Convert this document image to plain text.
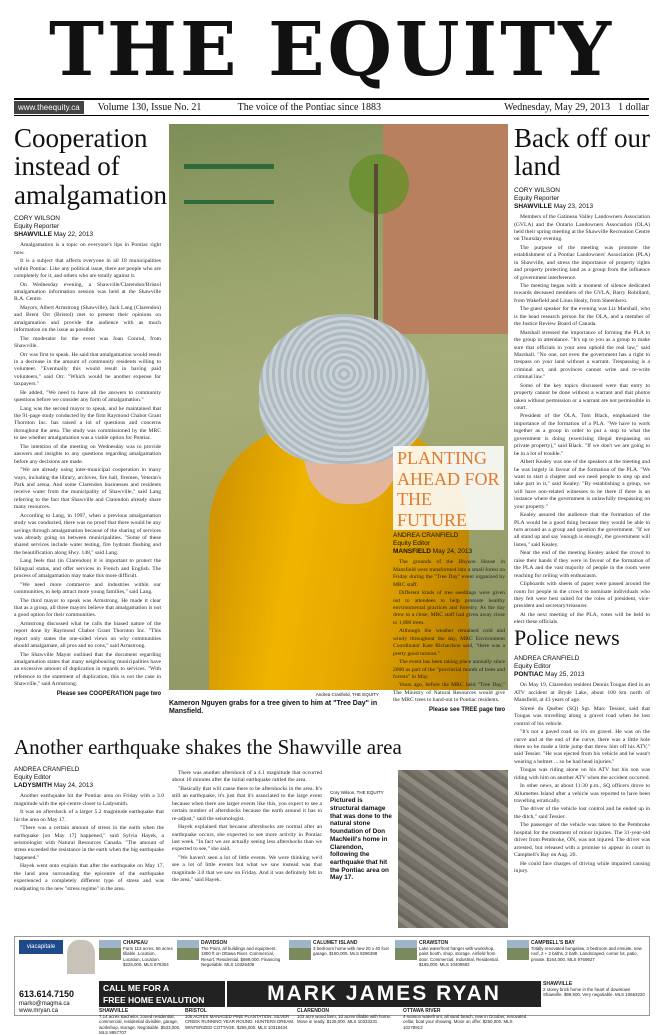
THE EQUITY
www.theequity.ca	Volume 130, Issue No. 21	The voice of the Pontiac since 1883	Wednesday, May 29, 2013 1 dollar
Cooperation instead of amalgamation
CORY WILSON
Equity Reporter
SHAWVILLE May 22, 2013

Amalgamation is a topic on everyone's lips in Pontiac right now.

It is a subject that affects everyone in all 18 municipalities within Pontiac. Like any political issue, there are people who are completely for it, and others who are totally against it.

On Wednesday evening, a Shawville/Clarendon/Bristol amalgamation information session was held at the Shawville R.A. Centre.

Mayors, Albert Armstrong (Shawville), Jack Lang (Clarendon) and Brent Orr (Bristol) met to present their opinions on amalgamation and provide the audience with as much information on the issue as possible.

The moderator for the event was Joan Conrod, from Shawville.

Orr was first to speak. He said that amalgamation would result in a decrease in the amount of community residents willing to volunteer. "Eventually this would result in having paid volunteers," said Orr. "Which would be another expense for taxpayers."

He added, "We need to have all the answers to community questions before we consider any form of amalgamation."

Lang was the second mayor to speak, and he maintained that the 91-page study conducted by the firm Raymond Chabot Grant Thornton Inc. has raised a lot of questions and concerns throughout the area. The study was commissioned by the MRC to see whether amalgamation was a viable option for Pontiac.

The intention of the meeting on Wednesday was to provide answers and insights to any questions regarding amalgamation before any decisions are made.

"We are already using inter-municipal cooperation in many ways, including the library, archives, fire hall, firemen, Veteran's Park and arena. And some Clarendon businesses and residents receive water from the municipality of Shawville," said Lang referring to the fact that Shawville and Clarendon already share many resources.

According to Lang, in 1997, when a previous amalgamation study was conducted, there was no proof that there would be any savings through amalgamation because of the sharing of services was already going on between municipalities. "Some of these shared services include water testing, fire hydrant flushing and the beautification along Hwy. 148," said Lang.

Lang feels that (in Clarendon) it is important to protect the bilingual status, and offer services in French and English. The process of amalgamation may make this more difficult.

"We need more commerce and industries within our communities, to help attract more young families," said Lang.

The third mayor to speak was Armstrong. He made it clear that as a group, all three mayors believe that amalgamation is not a good option for their communities.

Armstrong discussed what he calls the biased nature of the report done by Raymond Chabot Grant Thornton Inc. "This report only states the one-sided views on why communities should amalgamate, all pros and no cons," said Armstrong.

The Shawville Mayor outlined that the document regarding amalgamation states that many neighbouring municipalities have an excessive amount of duplication in regards to services. "With reference to the statement of duplication, this is not the case in Shawville," said Armstrong.

Please see COOPERATION page two
PLANTING AHEAD FOR THE FUTURE
Andrea Cranfield, THE EQUITY
Kameron Nguyen grabs for a tree given to him at "Tree Day" in Mansfield.
ANDREA CRANFIELD
Equity Editor
MANSFIELD May 24, 2013

The grounds of the Rhyson House in Mansfield were transformed into a small forest on Friday during the "Tree Day" event organized by MRC staff.

Different kinds of tree seedlings were given out to attendees to help promote healthy environmental practices and forestry. As the day drew to a close, MRC staff had given away close to 1,800 trees.

Although the weather remained cold and windy throughout the day, MRC Environment Coordinator Kate Richardson said, "there was a pretty good turnout."

The event has been taking place annually since 2000 as part of the "provincial month of trees and forests" in May.

Years ago, before the MRC held "Tree Day," The Ministry of Natural Resources would give the MRC trees to hand-out to Pontiac residents.

Please see TREE page two
Back off our land
CORY WILSON
Equity Reporter
SHAWVILLE May 23, 2013

Members of the Gatineau Valley Landowners Association (GVLA) and the Ontario Landowners Association (OLA) held their spring meeting at the Shawville Recreation Centre on Thursday evening.

The purpose of the meeting was promote the establishment of a Pontiac Landowners' Association (PLA) in Shawville, and stress the importance of property rights and property protecting land as a group from the influence of government interference.

The meeting began with a moment of silence dedicated towards deceased members of the GVLA, Barry Robillard, from Wakefield and Linus Healy, from Sheenboro.

The guest speaker for the evening was Liz Marshall, who is the head research person for the OLA, and a member of the Justice Review Board of Canada.

Marshall stressed the importance of forming the PLA to the group in attendance. "It's up to you as a group to make sure that officials in your area uphold the real law," said Marshall. "No one, not even the government has a right to trespass on your land without a warrant. Trespassing is a criminal act, and provinces cannot write and re-write criminal law."

Some of the key topics discussed were that entry to property cannot be done without a warrant and that photos taken without permission or a warrant are not permissible in court.

President of the OLA, Tom Black, emphasized the importance of the formation of a PLA. "We have to work together as a group in order to put a stop to what the government is doing (exercising illegal trespassing on private property)," said Black. "If we don't we are going to be in a lot of trouble."

Albert Kealey was one of the speakers at the meeting and he was largely in favour of the formation of the PLA. "We want to start a chapter and we need people to step up and take part in it," said Kealey. "By establishing a group, we will have non-related witnesses to be there if there is an instance where the government is unlawfully trespassing on your property."

Kealey assured the audience that the formation of the PLA would be a good thing because they would be able to turn around as a group and question the government. "If we all stand up and say 'enough is enough', the government will listen," said Kealey.

Near the end of the meeting Kealey asked the crowd to raise their hands if they were in favour of the formation of the PLA and the vast majority of people in the room were reaching for ceiling with enthusiasm.

Clipboards with sheets of paper were passed around the room for people in the crowd to nominate individuals who they felt were best suited for the roles of president, vice-president and secretary/treasurer.

At the next meeting of the PLA, votes will be held to elect these officials.

Police news
ANDREA CRANFIELD
Equity Editor
PONTIAC May 25, 2013

On May 19, Clarendon resident Dennis Tougas died in an ATV accident at Bryde Lake, about 100 km north of Mansfield, at 43 years of age.

Sûreté du Québec (SQ) Sgt. Marc Tessier, said that Tougas was travelling along a gravel road when he lost control of his vehicle.

"It's not a paved road so it's on gravel. He was on the curve and at the end of the curve, there was a little hole there so he made a little jump that threw him off his ATV," said Tessier. "He was ejected from his vehicle and he wasn't wearing a helmet ... so he had head injuries."

Tougas was riding alone on his ATV but his son was riding with him on another ATV when the accident occurred.

In other news, at about 11:30 p.m., SQ officers drove to Allumettes Island after a vehicle was reported to have been travelling erratically.

The driver of the vehicle lost control and he ended up in the ditch," said Tessier.

The passenger of the vehicle was taken to the Pembroke hospital for the treatment of minor injuries. The 31-year-old driver from Pembroke, ON, was not injured. The driver was arrested, but released with a promise to appear in court in Campbell's Bay on Aug. 20.

He could face charges of driving while impaired causing injury.

Another earthquake shakes the Shawville area
ANDREA CRANFIELD
Equity Editor
LADYSMITH May 24, 2013

Another earthquake hit the Pontiac area on Friday with a 3.0 magnitude with the epi-centre closer to Ladysmith.

It was an aftershock of a larger 5.2 magnitude earthquake that hit the area on May 17.

"There was a certain amount of stress in the earth when the earthquake [on May 17] happened," said Sylvia Hayek, a seismologist with Natural Resources Canada. "The amount of stress exceeded the resistance in the earth when the big earthquake happened."

Hayek went onto explain that after the earthquake on May 17, the land area surrounding the epicentre of the earthquake experienced a completely different type of stress and was readjusting to the new "stress regime" in the area.

There was another aftershock of a 4.1 magnitude that occurred about 10 minutes after the initial earthquake rattled the area.

"Basically that will cause there to be aftershocks in the area. It's still an earthquake, it's just that it's associated to the large event because when there are larger events like this, you expect to see a certain number of aftershocks because the earth around it has to re-adjust," said the seismologist.

Hayek explained that because aftershocks are normal after an earthquake occurs, she expected to see more activity in Pontiac last week. "In fact we are actually seeing less aftershocks than we expected to see," she said.

"We haven't seen a lot of little events. We were thinking we'd see a lot of little events but what we saw instead was that magnitude 3.0 that we saw on Friday. And it was definitely felt in the area," said Hayek.

Cory Wilson, THE EQUITY
Pictured is structural damage that was done to the natural stone foundation of Don MacNeill's home in Clarendon, following the earthquake that hit the Pontiac area on May 17.
viacapitale
613.614.7150
marko@magma.ca
www.mryan.ca
CALL ME FOR A
FREE HOME EVALUTION	MARK JAMES RYAN
CHAPEAU
Farm 113 acres, 56 acres tillable. Location, Location, Location. $225,000. MLS 876304
DAVIDSON
The Point, all buildings and equipment. 1800 ft on Ottawa River. Commercial, Resort, Residential. $699,000. Financing Negotiable. MLS 10326408
CALUMET ISLAND
3 bedroom home with new 20 x 40 foot garage. $160,000. MLS 8296398
CRAWSTON
Lake waterfront hanger with workshop, paint booth, shop, storage. Airfield from door. Commercial, Industrial, Residential. $165,000. MLS 10409582
CAMPBELL'S BAY
Totally renovated bungalow, 3 bedroom and ensuite, new roof, 2 + 2 baths, 2 bath. Landscaped, corner lot, patio, private. $164,000. MLS 9769927
SHAWVILLE
7.14 acres Bachelor, zoned residential, commercial, residential divisible, garage, workshop, storage. Negotiable. $533,000. MLS 9957707
BRISTOL
105 ACRES MANAGED PINE PLANTATION. SILVER CREEK RUNNING YEAR ROUND. HUNTERS DREAM. WINTERIZED COTTAGE. $255,000. MLS 10318434
CLARENDON
103 acre wood farm, 10 acres tillable with home. Move in ready. $125,000. MLS 10333231
OTTAWA RIVER
4-season waterfront, all sand beach, new in October, renovated cellar, boat your showing. Move on offer. $250,000. MLS 10278913
SHAWVILLE
2 storey brick home in the heart of downtown Shawville. $99,500. Very negotiable. MLS 10663220
